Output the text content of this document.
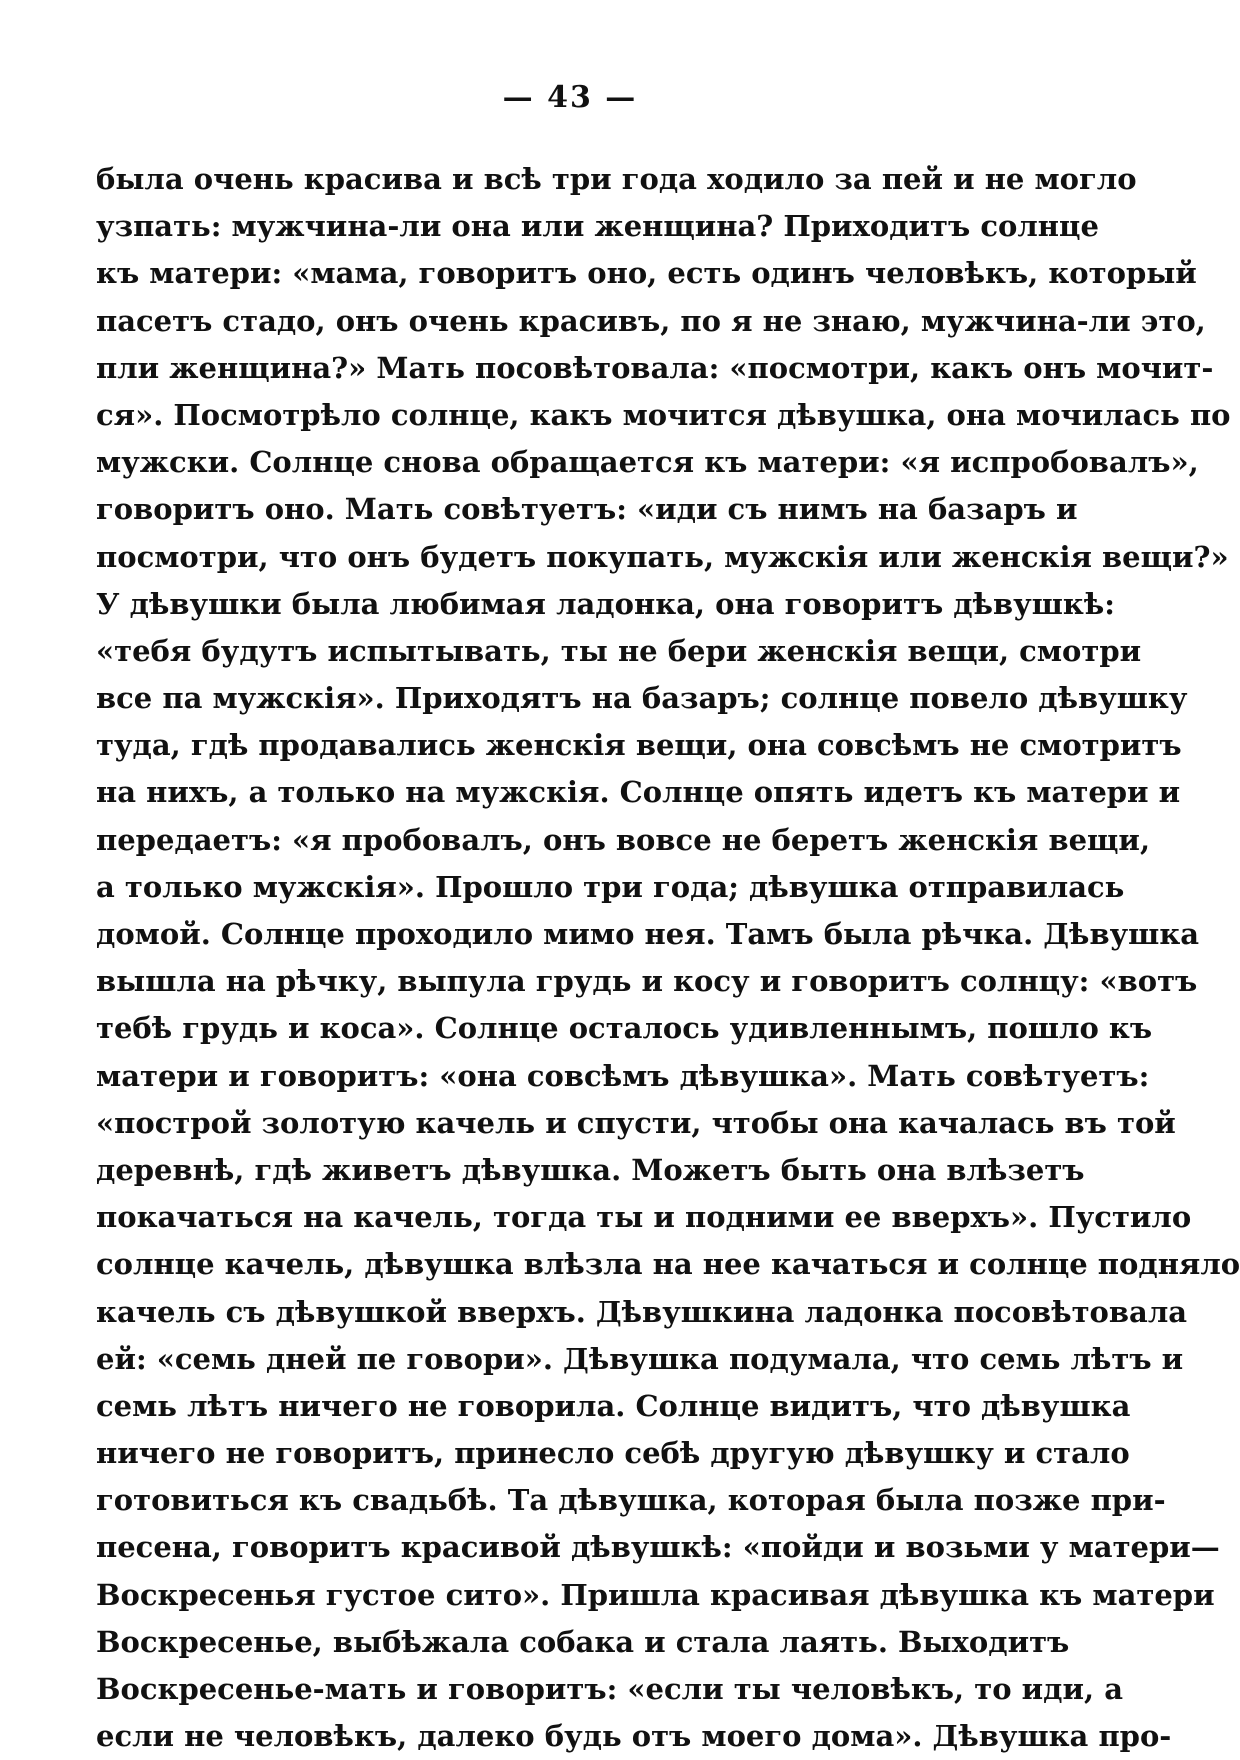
— 43 —
была очень красива и всѣ три года ходило за пей и не могло
узпать: мужчина-ли она или женщина? Приходитъ солнце
къ матери: «мама, говоритъ оно, есть одинъ человѣкъ, который
пасетъ стадо, онъ очень красивъ, по я не знаю, мужчина-ли это,
пли женщина?» Мать посовѣтовала: «посмотри, какъ онъ мочит-
ся». Посмотрѣло солнце, какъ мочится дѣвушка, она мочилась по
мужски. Солнце снова обращается къ матери: «я испробовалъ»,
говоритъ оно. Мать совѣтуетъ: «иди съ нимъ на базаръ и
посмотри, что онъ будетъ покупать, мужскія или женскія вещи?»
У дѣвушки была любимая ладонка, она говоритъ дѣвушкѣ:
«тебя будутъ испытывать, ты не бери женскія вещи, смотри
все па мужскія». Приходятъ на базаръ; солнце повело дѣвушку
туда, гдѣ продавались женскія вещи, она совсѣмъ не смотритъ
на нихъ, а только на мужскія. Солнце опять идетъ къ матери и
передаетъ: «я пробовалъ, онъ вовсе не беретъ женскія вещи,
а только мужскія». Прошло три года; дѣвушка отправилась
домой. Солнце проходило мимо нея. Тамъ была рѣчка. Дѣвушка
вышла на рѣчку, выпула грудь и косу и говоритъ солнцу: «вотъ
тебѣ грудь и коса». Солнце осталось удивленнымъ, пошло къ
матери и говоритъ: «она совсѣмъ дѣвушка». Мать совѣтуетъ:
«построй золотую качель и спусти, чтобы она качалась въ той
деревнѣ, гдѣ живетъ дѣвушка. Можетъ быть она влѣзетъ
покачаться на качель, тогда ты и подними ее вверхъ». Пустило
солнце качель, дѣвушка влѣзла на нее качаться и солнце подняло
качель съ дѣвушкой вверхъ. Дѣвушкина ладонка посовѣтовала
ей: «семь дней пе говори». Дѣвушка подумала, что семь лѣтъ и
семь лѣтъ ничего не говорила. Солнце видитъ, что дѣвушка
ничего не говоритъ, принесло себѣ другую дѣвушку и стало
готовиться къ свадьбѣ. Та дѣвушка, которая была позже при-
песена, говоритъ красивой дѣвушкѣ: «пойди и возьми у матери—
Воскресенья густое сито». Пришла красивая дѣвушка къ матери
Воскресенье, выбѣжала собака и стала лаять. Выходитъ
Воскресенье-мать и говоритъ: «если ты человѣкъ, то иди, а
если не человѣкъ, далеко будь отъ моего дома». Дѣвушка про-
